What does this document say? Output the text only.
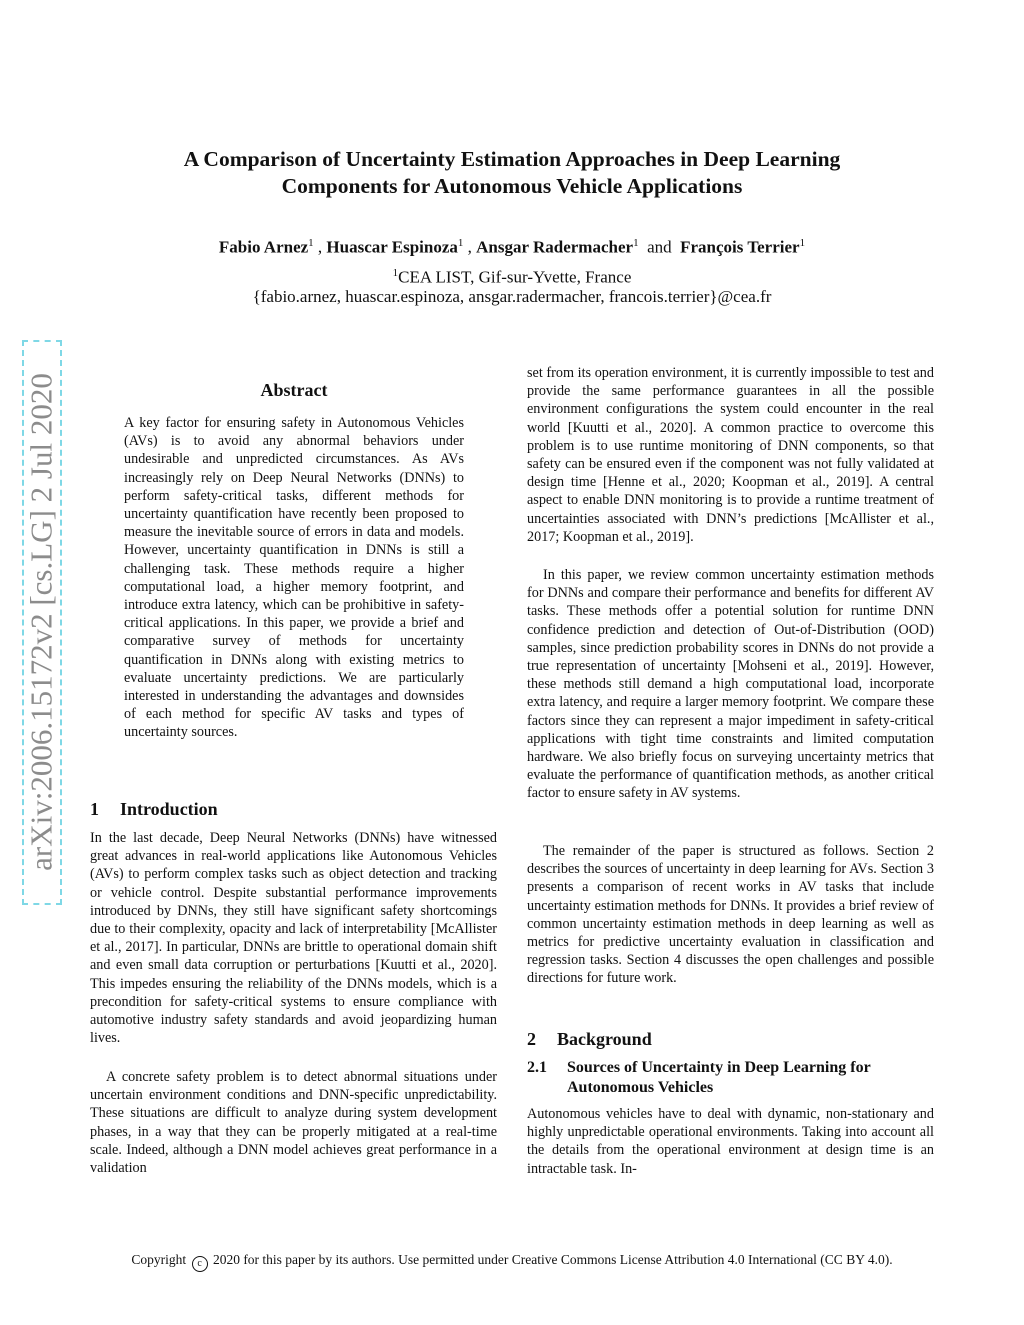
A Comparison of Uncertainty Estimation Approaches in Deep Learning
Components for Autonomous Vehicle Applications
Fabio Arnez$^1$ , Huascar Espinoza$^1$ , Ansgar Radermacher$^1$ and François Terrier$^1$
$^1$CEA LIST, Gif-sur-Yvette, France
{fabio.arnez, huascar.espinoza, ansgar.radermacher, francois.terrier}@cea.fr
arXiv:2006.15172v2 [cs.LG] 2 Jul 2020	Abstract

A key factor for ensuring safety in Autonomous Vehicles (AVs) is to avoid any abnormal behaviors under undesirable and unpredicted circumstances. As AVs increasingly rely on Deep Neural Networks (DNNs) to perform safety-critical tasks, different methods for uncertainty quantification have recently been proposed to measure the inevitable source of errors in data and models. However, uncertainty quantification in DNNs is still a challenging task. These methods require a higher computational load, a higher memory footprint, and introduce extra latency, which can be prohibitive in safety-critical applications. In this paper, we provide a brief and comparative survey of methods for uncertainty quantification in DNNs along with existing metrics to evaluate uncertainty predictions. We are particularly interested in understanding the advantages and downsides of each method for specific AV tasks and types of uncertainty sources.

1 Introduction

In the last decade, Deep Neural Networks (DNNs) have witnessed great advances in real-world applications like Autonomous Vehicles (AVs) to perform complex tasks such as object detection and tracking or vehicle control. Despite substantial performance improvements introduced by DNNs, they still have significant safety shortcomings due to their complexity, opacity and lack of interpretability [McAllister et al., 2017]. In particular, DNNs are brittle to operational domain shift and even small data corruption or perturbations [Kuutti et al., 2020]. This impedes ensuring the reliability of the DNNs models, which is a precondition for safety-critical systems to ensure compliance with automotive industry safety standards and avoid jeopardizing human lives.

A concrete safety problem is to detect abnormal situations under uncertain environment conditions and DNN-specific unpredictability. These situations are difficult to analyze during system development phases, in a way that they can be properly mitigated at a real-time scale. Indeed, although a DNN model achieves great performance in a validation

set from its operation environment, it is currently impossible to test and provide the same performance guarantees in all the possible environment configurations the system could encounter in the real world [Kuutti et al., 2020]. A common practice to overcome this problem is to use runtime monitoring of DNN components, so that safety can be ensured even if the component was not fully validated at design time [Henne et al., 2020; Koopman et al., 2019]. A central aspect to enable DNN monitoring is to provide a runtime treatment of uncertainties associated with DNN’s predictions [McAllister et al., 2017; Koopman et al., 2019].

In this paper, we review common uncertainty estimation methods for DNNs and compare their performance and benefits for different AV tasks. These methods offer a potential solution for runtime DNN confidence prediction and detection of Out-of-Distribution (OOD) samples, since prediction probability scores in DNNs do not provide a true representation of uncertainty [Mohseni et al., 2019]. However, these methods still demand a high computational load, incorporate extra latency, and require a larger memory footprint. We compare these factors since they can represent a major impediment in safety-critical applications with tight time constraints and limited computation hardware. We also briefly focus on surveying uncertainty metrics that evaluate the performance of quantification methods, as another critical factor to ensure safety in AV systems.

The remainder of the paper is structured as follows. Section 2 describes the sources of uncertainty in deep learning for AVs. Section 3 presents a comparison of recent works in AV tasks that include uncertainty estimation methods for DNNs. It provides a brief review of common uncertainty estimation methods in deep learning as well as metrics for predictive uncertainty evaluation in classification and regression tasks. Section 4 discusses the open challenges and possible directions for future work.

2 Background
2.1	Sources of Uncertainty in Deep Learning for Autonomous Vehicles

Autonomous vehicles have to deal with dynamic, non-stationary and highly unpredictable operational environments. Taking into account all the details from the operational environment at design time is an intractable task. In-

Copyright c 2020 for this paper by its authors. Use permitted under Creative Commons License Attribution 4.0 International (CC BY 4.0).
